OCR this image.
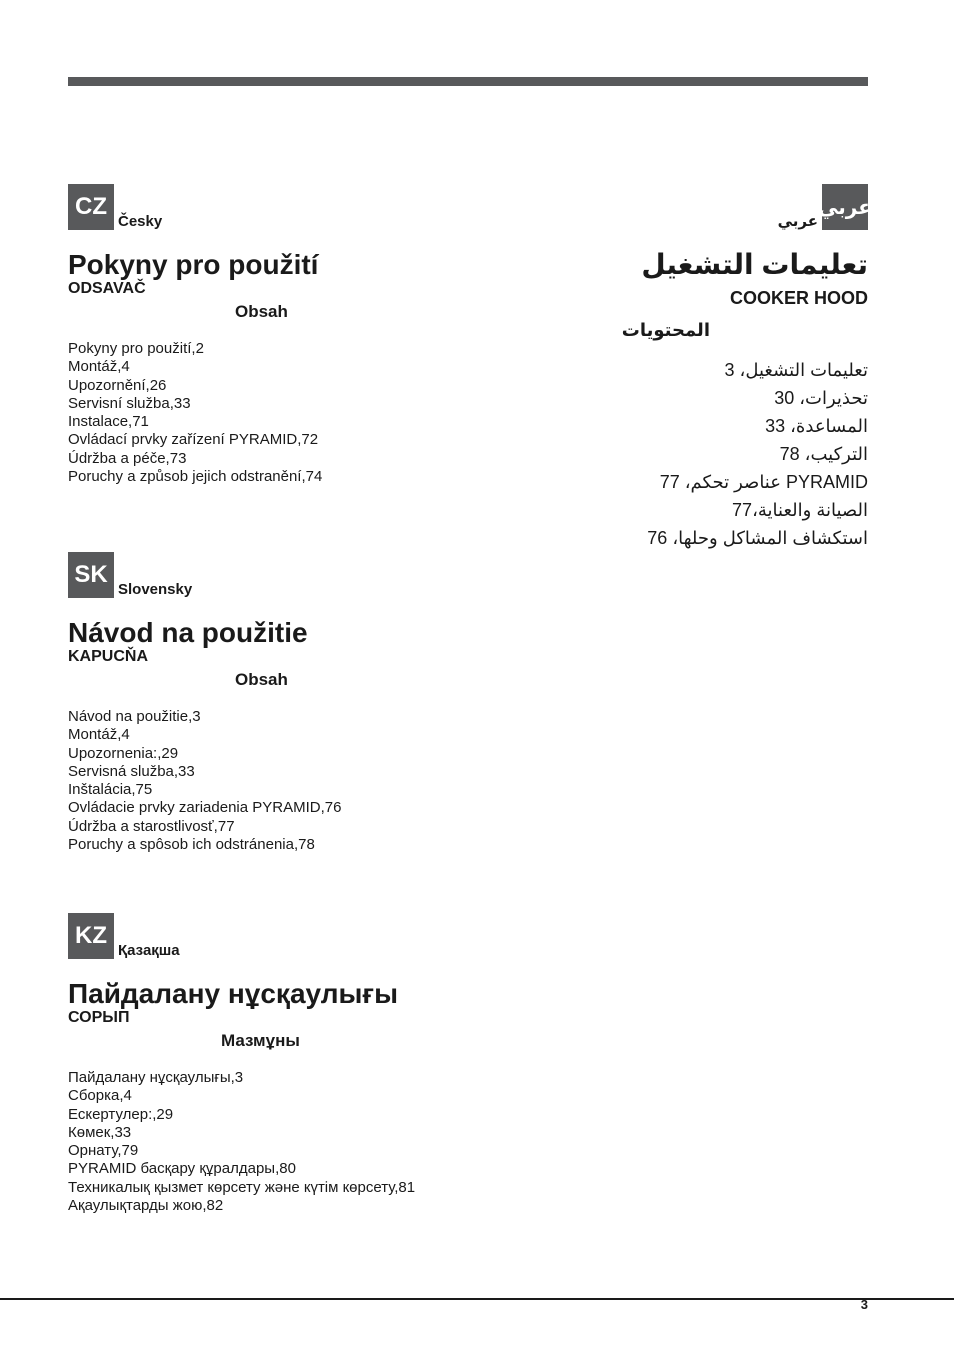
CZ
Česky
Pokyny pro použití
ODSAVAČ
Obsah
Pokyny pro použití,2
Montáž,4
Upozornění,26
Servisní služba,33
Instalace,71
Ovládací prvky zařízení PYRAMID,72
Údržba a péče,73
Poruchy a způsob jejich odstranění,74
SK
Slovensky
Návod na použitie
KAPUCŇA
Obsah
Návod na použitie,3
Montáž,4
Upozornenia:,29
Servisná služba,33
Inštalácia,75
Ovládacie prvky zariadenia PYRAMID,76
Údržba a starostlivosť,77
Poruchy a spôsob ich odstránenia,78
KZ
Қазақша
Пайдалану нұсқаулығы
СОРЫП
Мазмұны
Пайдалану нұсқаулығы,3
Сборка,4
Ескертулер:,29
Көмек,33
Орнату,79
PYRAMID басқару құралдары,80
Техникалық қызмет көрсету және күтім көрсету,81
Ақаулықтарды жою,82
عربي
عربي
تعليمات التشغيل
COOKER HOOD
المحتويات
تعليمات التشغيل، 3
تحذيرات، 30
المساعدة، 33
التركيب، 78
PYRAMID عناصر تحكم، 77
الصيانة والعناية،77
استكشاف المشاكل وحلها، 76
3
